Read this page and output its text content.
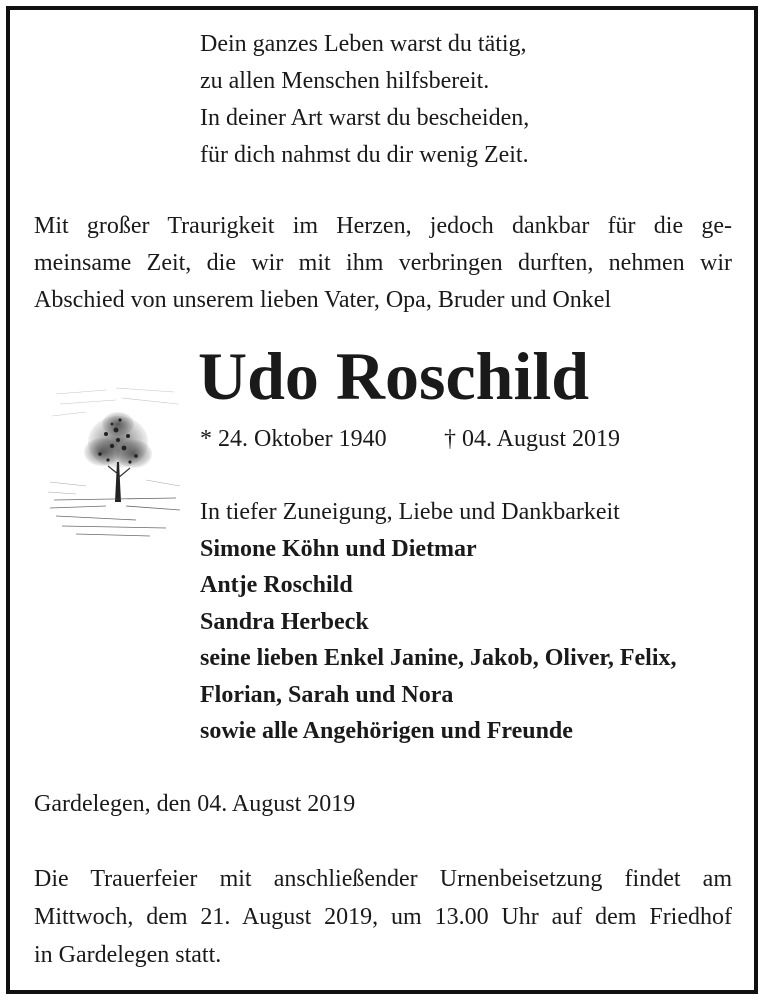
Dein ganzes Leben warst du tätig,
zu allen Menschen hilfsbereit.
In deiner Art warst du bescheiden,
für dich nahmst du dir wenig Zeit.
Mit großer Traurigkeit im Herzen, jedoch dankbar für die ge-
meinsame Zeit, die wir mit ihm verbringen durften, nehmen wir
Abschied von unserem lieben Vater, Opa, Bruder und Onkel
Udo Roschild
* 24. Oktober 1940 † 04. August 2019
In tiefer Zuneigung, Liebe und Dankbarkeit
Simone Köhn und Dietmar
Antje Roschild
Sandra Herbeck
seine lieben Enkel Janine, Jakob, Oliver, Felix,
Florian, Sarah und Nora
sowie alle Angehörigen und Freunde
Gardelegen, den 04. August 2019
Die Trauerfeier mit anschließender Urnenbeisetzung findet am
Mittwoch, dem 21. August 2019, um 13.00 Uhr auf dem Friedhof
in Gardelegen statt.
